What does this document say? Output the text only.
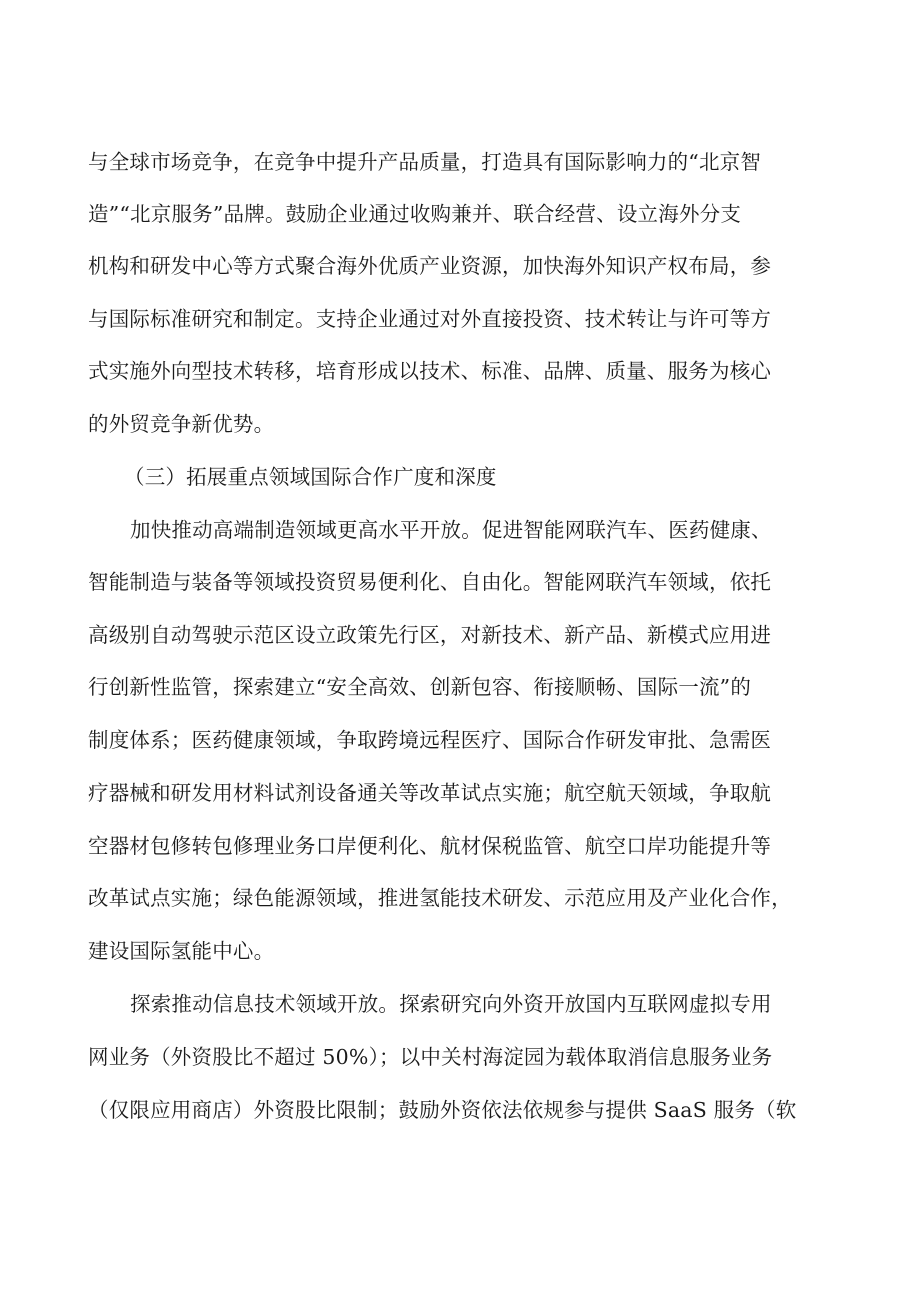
与全球市场竞争，在竞争中提升产品质量，打造具有国际影响力的“北京智
造”“北京服务”品牌。鼓励企业通过收购兼并、联合经营、设立海外分支
机构和研发中心等方式聚合海外优质产业资源，加快海外知识产权布局，参
与国际标准研究和制定。支持企业通过对外直接投资、技术转让与许可等方
式实施外向型技术转移，培育形成以技术、标准、品牌、质量、服务为核心
的外贸竞争新优势。
（三）拓展重点领域国际合作广度和深度
加快推动高端制造领域更高水平开放。促进智能网联汽车、医药健康、
智能制造与装备等领域投资贸易便利化、自由化。智能网联汽车领域，依托
高级别自动驾驶示范区设立政策先行区，对新技术、新产品、新模式应用进
行创新性监管，探索建立“安全高效、创新包容、衔接顺畅、国际一流”的
制度体系；医药健康领域，争取跨境远程医疗、国际合作研发审批、急需医
疗器械和研发用材料试剂设备通关等改革试点实施；航空航天领域，争取航
空器材包修转包修理业务口岸便利化、航材保税监管、航空口岸功能提升等
改革试点实施；绿色能源领域，推进氢能技术研发、示范应用及产业化合作，
建设国际氢能中心。
探索推动信息技术领域开放。探索研究向外资开放国内互联网虚拟专用
网业务（外资股比不超过 50%）；以中关村海淀园为载体取消信息服务业务
（仅限应用商店）外资股比限制；鼓励外资依法依规参与提供 SaaS 服务（软
